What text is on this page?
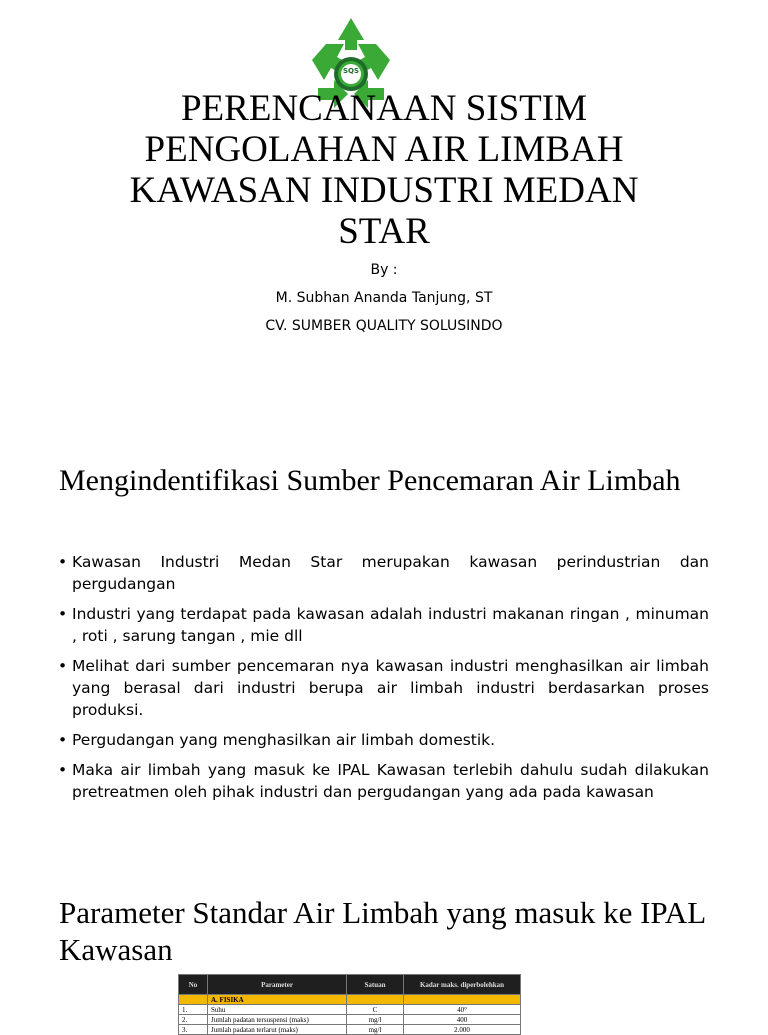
SQS
PERENCANAAN SISTIM
PENGOLAHAN AIR LIMBAH
KAWASAN INDUSTRI MEDAN
STAR

By :

M. Subhan Ananda Tanjung, ST

CV. SUMBER QUALITY SOLUSINDO

Mengindentifikasi Sumber Pencemaran Air Limbah
• Kawasan Industri Medan Star merupakan kawasan perindustrian dan pergudangan
• Industri yang terdapat pada kawasan adalah industri makanan ringan , minuman , roti , sarung tangan , mie dll
• Melihat dari sumber pencemaran nya kawasan industri menghasilkan air limbah yang berasal dari industri berupa air limbah industri berdasarkan proses produksi.
• Pergudangan yang menghasilkan air limbah domestik.
• Maka air limbah yang masuk ke IPAL Kawasan terlebih dahulu sudah dilakukan pretreatmen oleh pihak industri dan pergudangan yang ada pada kawasan
Parameter Standar Air Limbah yang masuk ke IPAL Kawasan
No	Parameter	Satuan	Kadar maks. diperbolehkan
	A. FISIKA		
1.	Suhu	C	40°
2.	Jumlah padatan tersuspensi (maks)	mg/l	400
3.	Jumlah padatan terlarut (maks)	mg/l	2.000
